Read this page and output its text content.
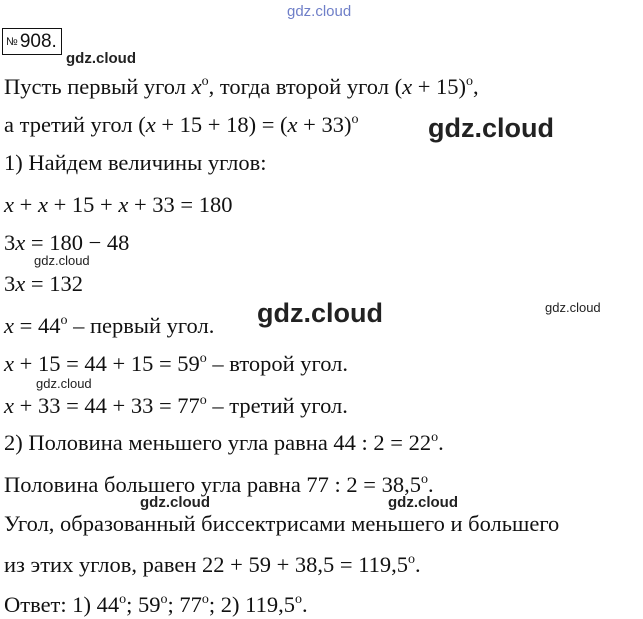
gdz.cloud
№ 908.
gdz.cloud
Пусть первый угол $x^o$, тогда второй угол $(x + 15)^o$,
а третий угол $(x + 15 + 18) = (x + 33)^o$	gdz.cloud
1) Найдем величины углов:
x + x + 15 + x + 33 = 180
3x = 180 − 48
gdz.cloud
3x = 132
gdz.cloud
$x = 44^o$ – первый угол. gdz.cloud
$x + 15 = 44 + 15 = 59^o$ – второй угол.
gdz.cloud
$x + 33 = 44 + 33 = 77^o$ – третий угол.
2) Половина меньшего угла равна 44 : $2 = 22^o$.
Половина большего угла равна 77 : $2 = 38,5^o$.
gdz.cloud	gdz.cloud
Угол, образованный биссектрисами меньшего и большего
из этих углов, равен $22 + 59 + 38,5 = 119,5^o$.
Ответ: 1) 44$^o$; 59$^o$; 77$^o$; 2) 119,5$^o$.
